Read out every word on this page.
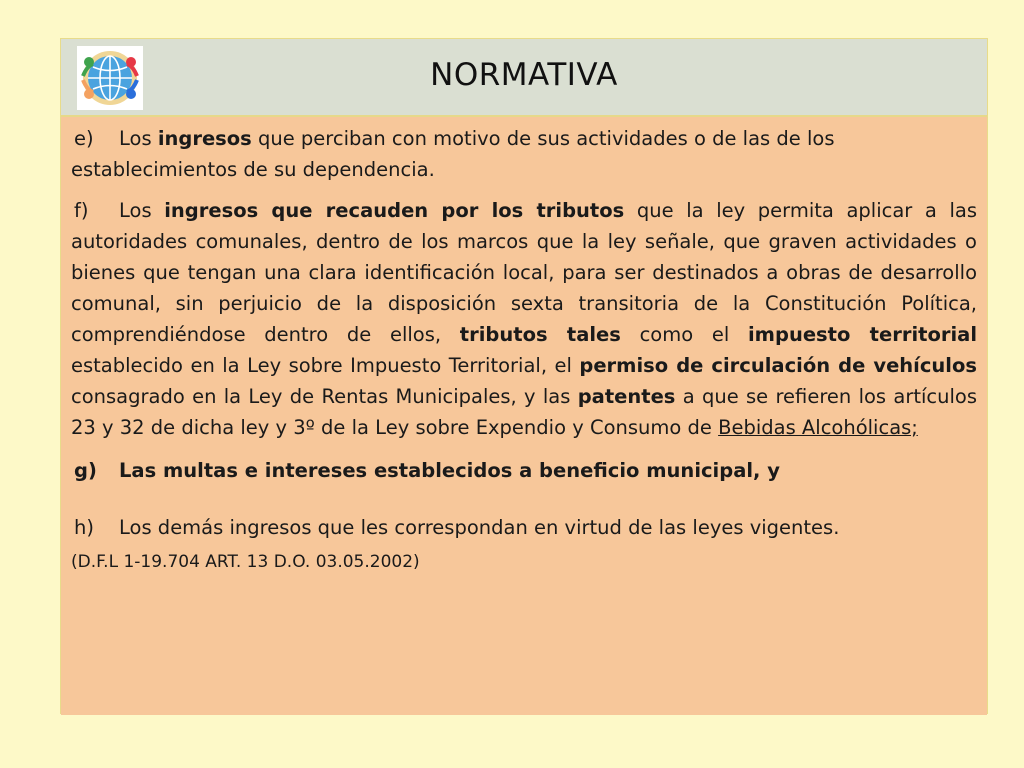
NORMATIVA

e) Los ingresos que perciban con motivo de sus actividades o de las de los establecimientos de su dependencia.

f) Los ingresos que recauden por los tributos que la ley permita aplicar a las autoridades comunales, dentro de los marcos que la ley señale, que graven actividades o bienes que tengan una clara identificación local, para ser destinados a obras de desarrollo comunal, sin perjuicio de la disposición sexta transitoria de la Constitución Política, comprendiéndose dentro de ellos, tributos tales como el impuesto territorial establecido en la Ley sobre Impuesto Territorial, el permiso de circulación de vehículos consagrado en la Ley de Rentas Municipales, y las patentes a que se refieren los artículos 23 y 32 de dicha ley y 3º de la Ley sobre Expendio y Consumo de Bebidas Alcohólicas;

g) Las multas e intereses establecidos a beneficio municipal, y

h) Los demás ingresos que les correspondan en virtud de las leyes vigentes.

(D.F.L 1-19.704 ART. 13 D.O. 03.05.2002)
